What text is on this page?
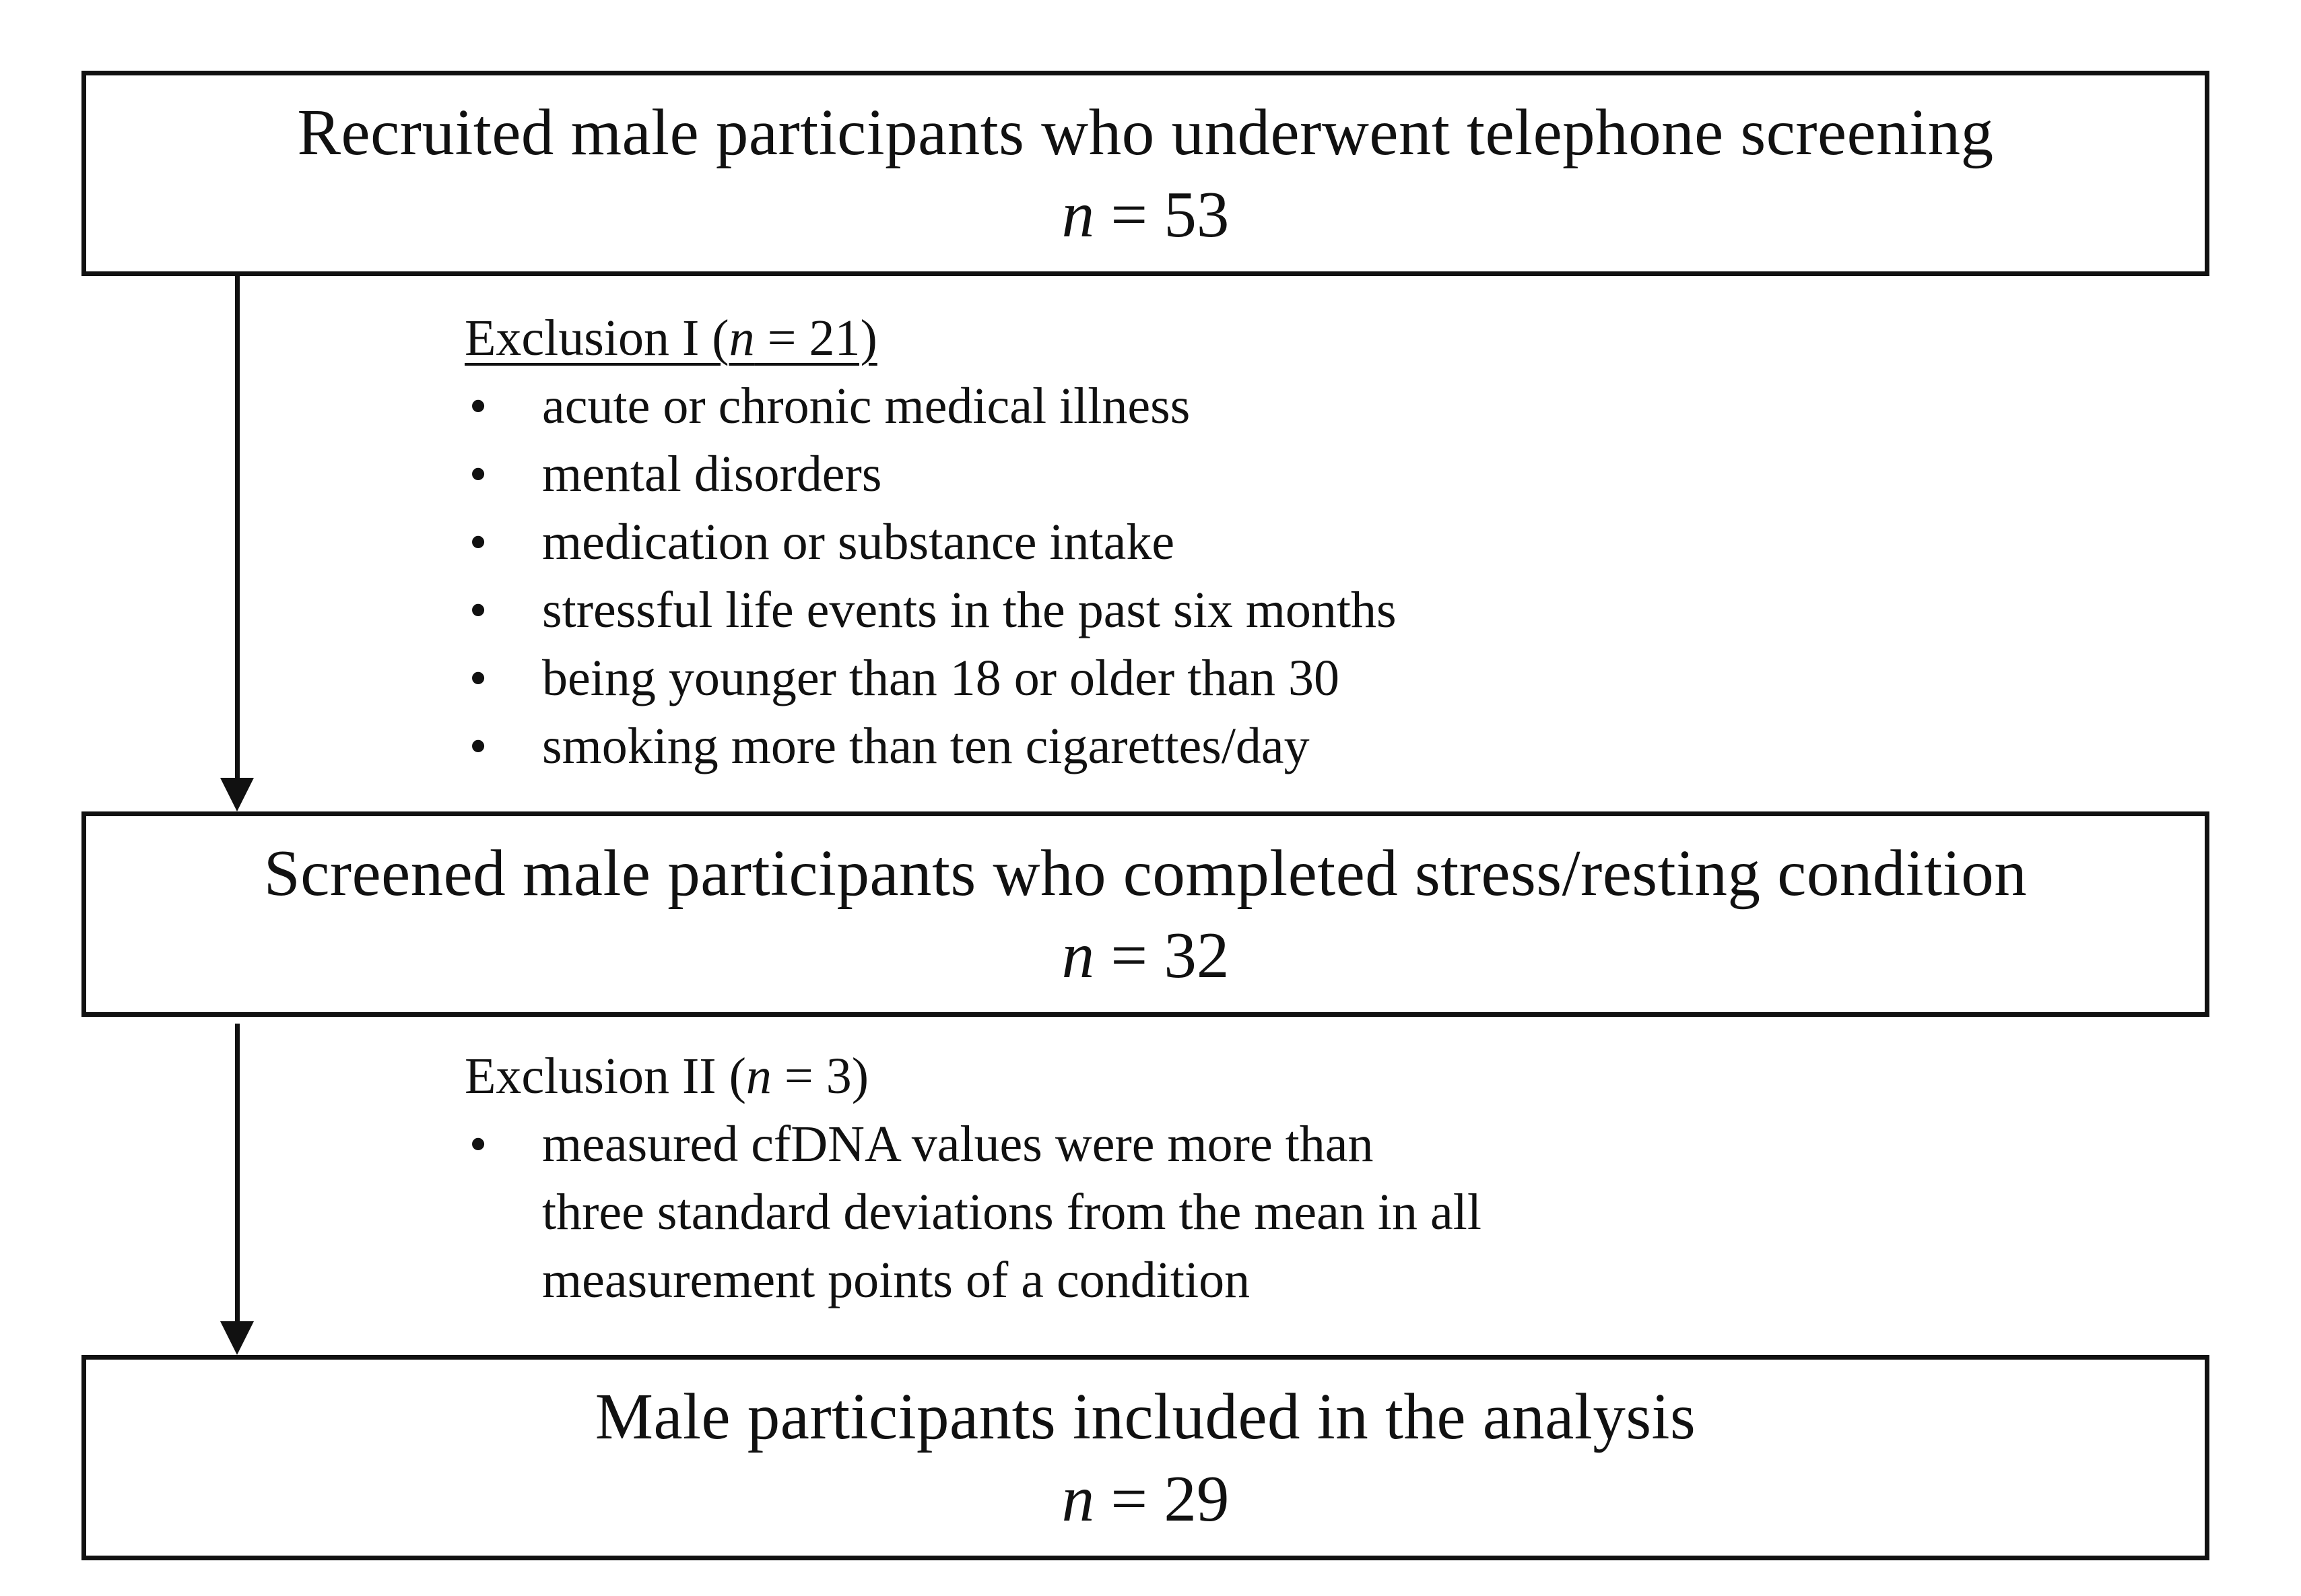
Recruited male participants who underwent telephone screening
n = 53
Exclusion I (n = 21)
• acute or chronic medical illness
• mental disorders
• medication or substance intake
• stressful life events in the past six months
• being younger than 18 or older than 30
• smoking more than ten cigarettes/day
Screened male participants who completed stress/resting condition
n = 32
Exclusion II (n = 3)
• measured cfDNA values were more than
three standard deviations from the mean in all
measurement points of a condition
Male participants included in the analysis
n = 29
